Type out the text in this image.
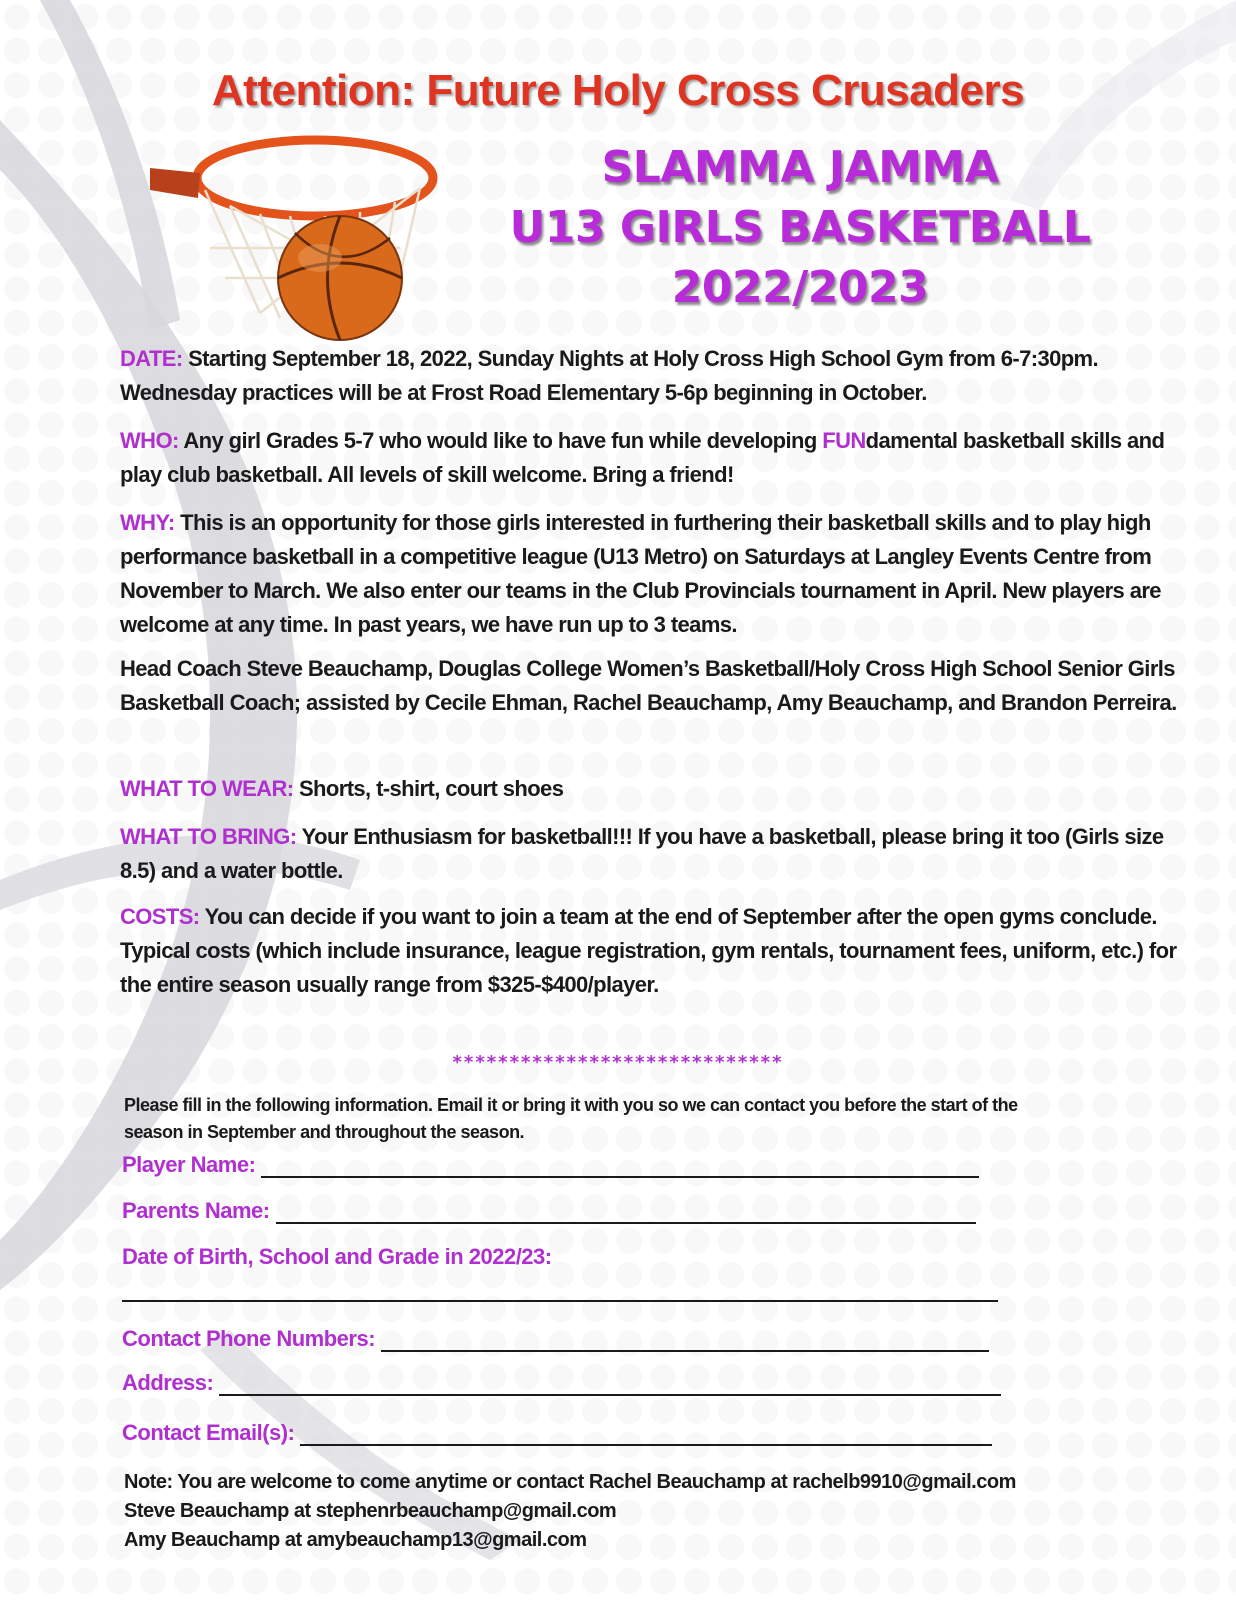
Attention: Future Holy Cross Crusaders
SLAMMA JAMMA
U13 GIRLS BASKETBALL
2022/2023
DATE: Starting September 18, 2022, Sunday Nights at Holy Cross High School Gym from 6-7:30pm. Wednesday practices will be at Frost Road Elementary 5-6p beginning in October.
WHO: Any girl Grades 5-7 who would like to have fun while developing FUNdamental basketball skills and play club basketball. All levels of skill welcome. Bring a friend!
WHY: This is an opportunity for those girls interested in furthering their basketball skills and to play high performance basketball in a competitive league (U13 Metro) on Saturdays at Langley Events Centre from November to March. We also enter our teams in the Club Provincials tournament in April. New players are welcome at any time. In past years, we have run up to 3 teams.
Head Coach Steve Beauchamp, Douglas College Women’s Basketball/Holy Cross High School Senior Girls Basketball Coach; assisted by Cecile Ehman, Rachel Beauchamp, Amy Beauchamp, and Brandon Perreira.
WHAT TO WEAR: Shorts, t-shirt, court shoes
WHAT TO BRING: Your Enthusiasm for basketball!!! If you have a basketball, please bring it too (Girls size 8.5) and a water bottle.
COSTS: You can decide if you want to join a team at the end of September after the open gyms conclude. Typical costs (which include insurance, league registration, gym rentals, tournament fees, uniform, etc.) for the entire season usually range from $325-$400/player.
*****************************
Please fill in the following information. Email it or bring it with you so we can contact you before the start of the season in September and throughout the season.
Player Name:
Parents Name:
Date of Birth, School and Grade in 2022/23:
Contact Phone Numbers:
Address:
Contact Email(s):
Note: You are welcome to come anytime or contact Rachel Beauchamp at rachelb9910@gmail.com
Steve Beauchamp at stephenrbeauchamp@gmail.com
Amy Beauchamp at amybeauchamp13@gmail.com
